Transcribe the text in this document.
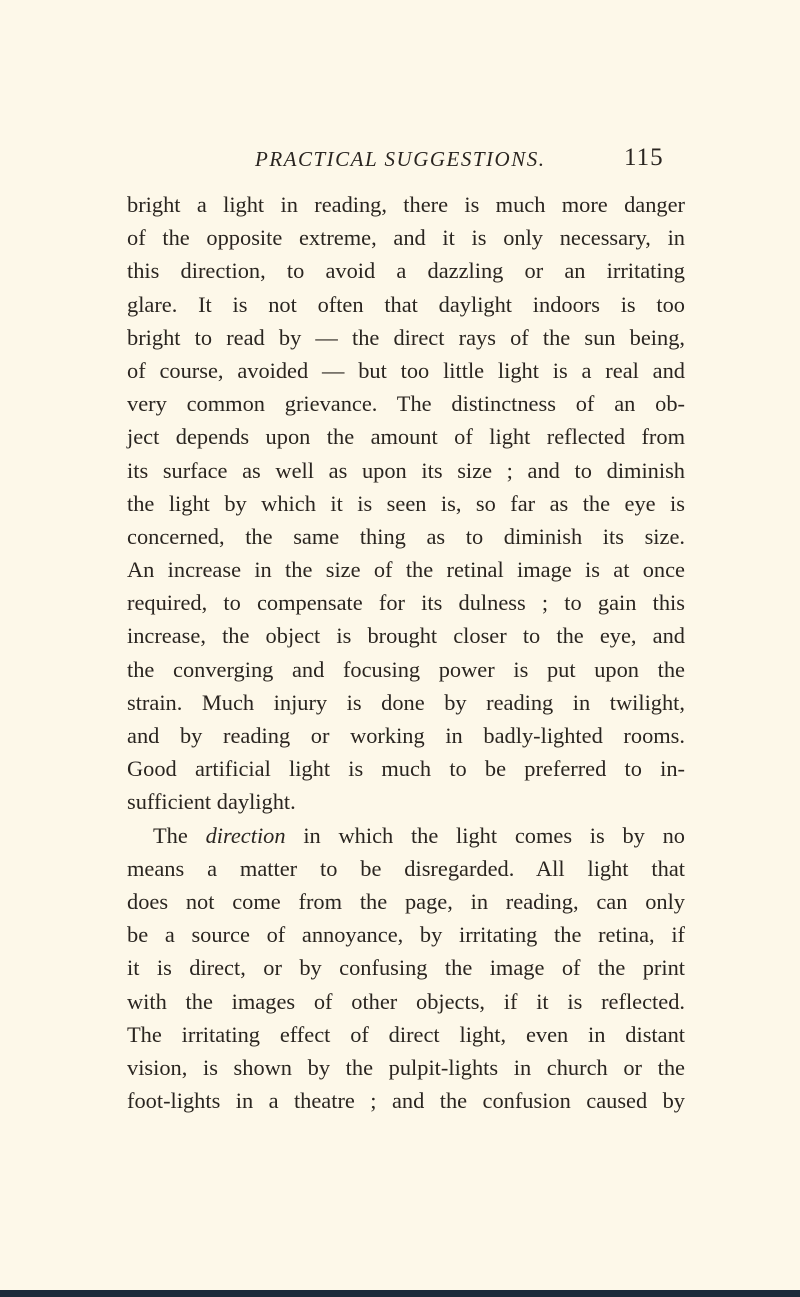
PRACTICAL SUGGESTIONS.	115
bright a light in reading, there is much more danger
of the opposite extreme, and it is only necessary, in
this direction, to avoid a dazzling or an irritating
glare. It is not often that daylight indoors is too
bright to read by — the direct rays of the sun being,
of course, avoided — but too little light is a real and
very common grievance. The distinctness of an ob-
ject depends upon the amount of light reflected from
its surface as well as upon its size ; and to diminish
the light by which it is seen is, so far as the eye is
concerned, the same thing as to diminish its size.
An increase in the size of the retinal image is at once
required, to compensate for its dulness ; to gain this
increase, the object is brought closer to the eye, and
the converging and focusing power is put upon the
strain. Much injury is done by reading in twilight,
and by reading or working in badly-lighted rooms.
Good artificial light is much to be preferred to in-
sufficient daylight.
The direction in which the light comes is by no
means a matter to be disregarded. All light that
does not come from the page, in reading, can only
be a source of annoyance, by irritating the retina, if
it is direct, or by confusing the image of the print
with the images of other objects, if it is reflected.
The irritating effect of direct light, even in distant
vision, is shown by the pulpit-lights in church or the
foot-lights in a theatre ; and the confusion caused by
